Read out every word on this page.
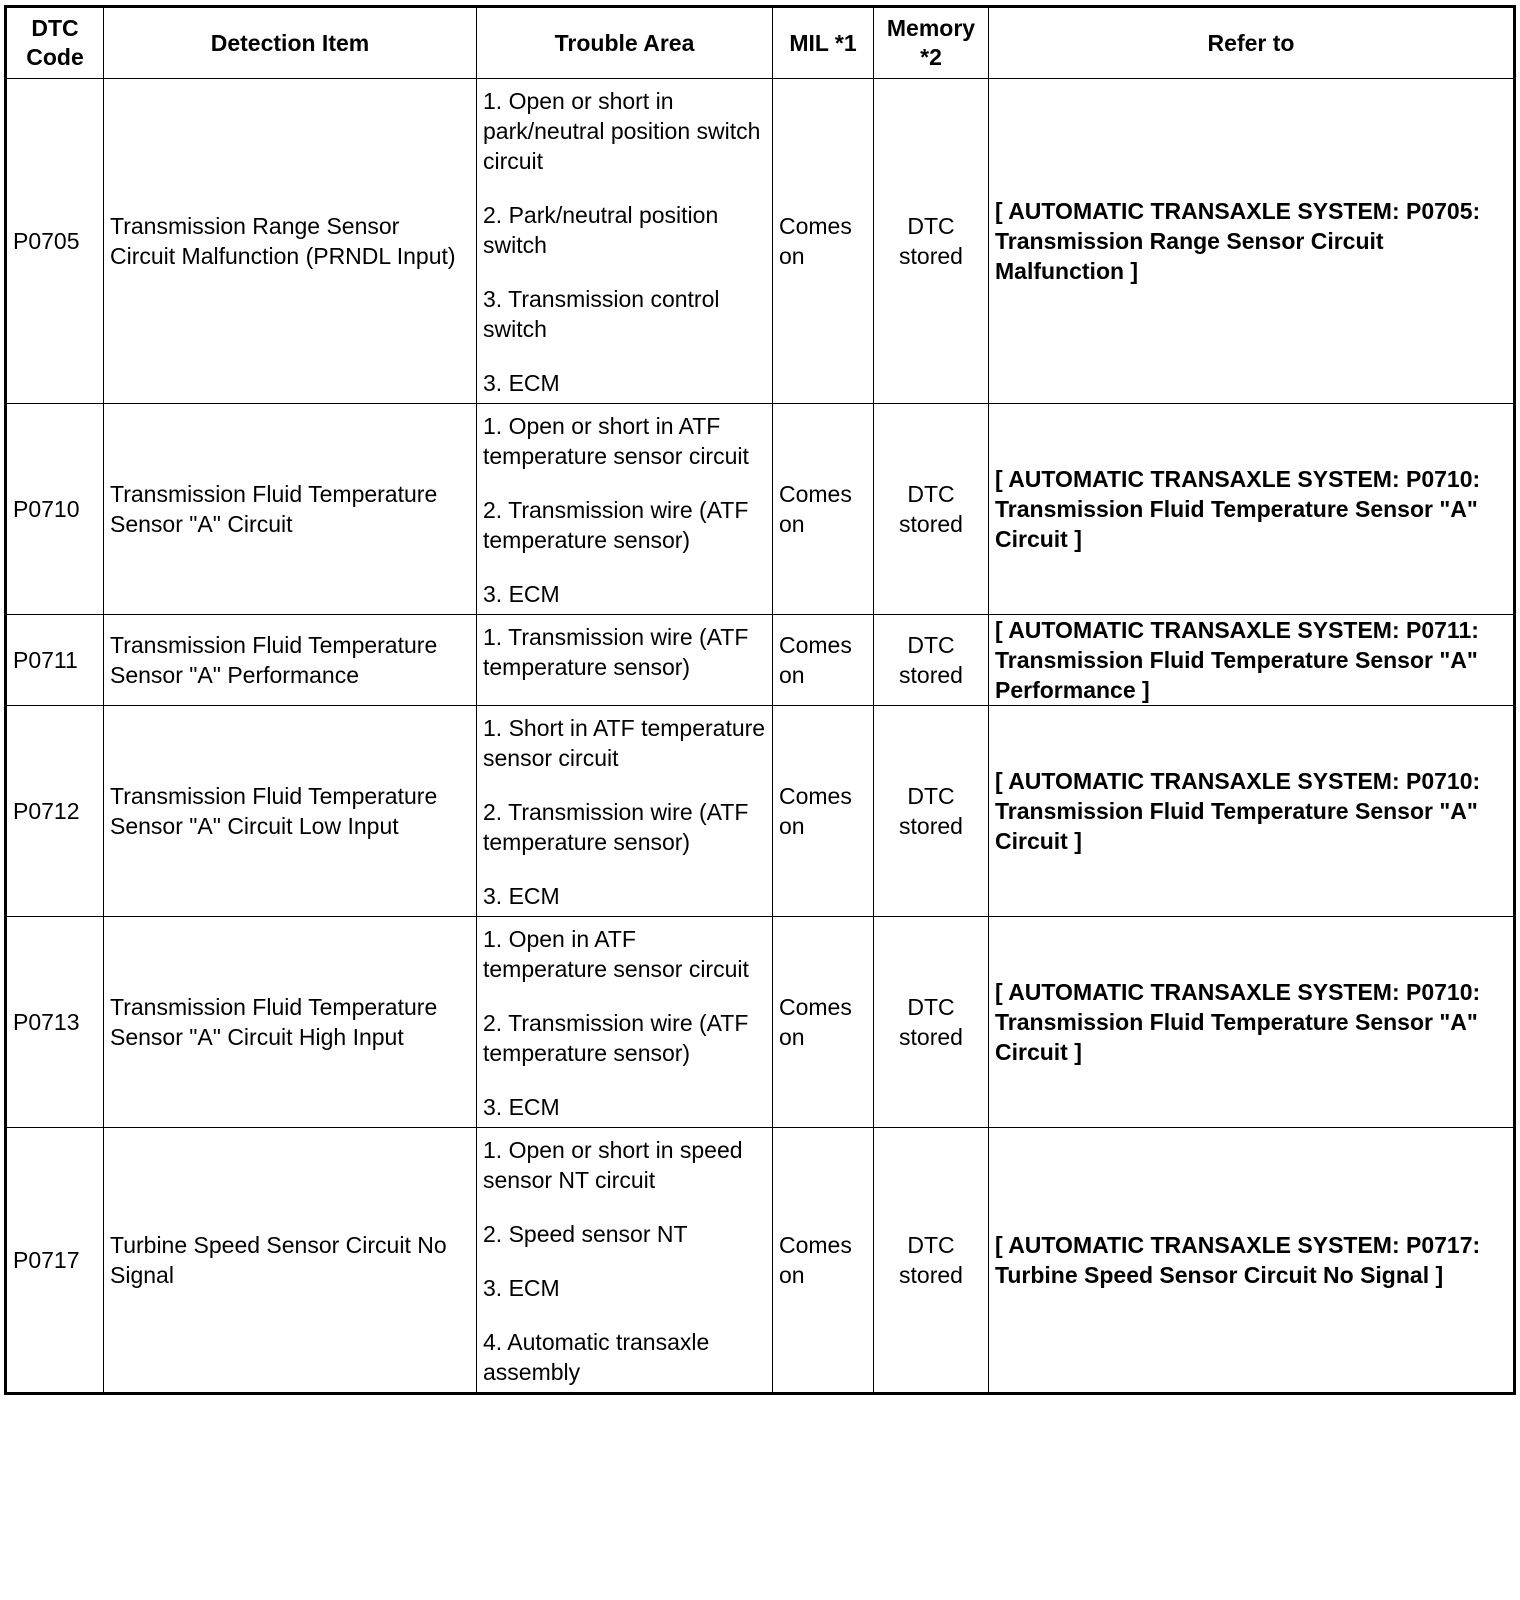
DTC Code	Detection Item	Trouble Area	MIL *1	Memory *2	Refer to
P0705	Transmission Range Sensor Circuit Malfunction (PRNDL Input)	1. Open or short in park/neutral position switch circuit
2. Park/neutral position switch
3. Transmission control switch
3. ECM	Comes on	DTC stored	[ AUTOMATIC TRANSAXLE SYSTEM: P0705: Transmission Range Sensor Circuit Malfunction ]
P0710	Transmission Fluid Temperature Sensor "A" Circuit	1. Open or short in ATF temperature sensor circuit
2. Transmission wire (ATF temperature sensor)
3. ECM	Comes on	DTC stored	[ AUTOMATIC TRANSAXLE SYSTEM: P0710: Transmission Fluid Temperature Sensor "A" Circuit ]
P0711	Transmission Fluid Temperature Sensor "A" Performance	1. Transmission wire (ATF temperature sensor)	Comes on	DTC stored	[ AUTOMATIC TRANSAXLE SYSTEM: P0711: Transmission Fluid Temperature Sensor "A" Performance ]
P0712	Transmission Fluid Temperature Sensor "A" Circuit Low Input	1. Short in ATF temperature sensor circuit
2. Transmission wire (ATF temperature sensor)
3. ECM	Comes on	DTC stored	[ AUTOMATIC TRANSAXLE SYSTEM: P0710: Transmission Fluid Temperature Sensor "A" Circuit ]
P0713	Transmission Fluid Temperature Sensor "A" Circuit High Input	1. Open in ATF temperature sensor circuit
2. Transmission wire (ATF temperature sensor)
3. ECM	Comes on	DTC stored	[ AUTOMATIC TRANSAXLE SYSTEM: P0710: Transmission Fluid Temperature Sensor "A" Circuit ]
P0717	Turbine Speed Sensor Circuit No Signal	1. Open or short in speed sensor NT circuit
2. Speed sensor NT
3. ECM
4. Automatic transaxle assembly	Comes on	DTC stored	[ AUTOMATIC TRANSAXLE SYSTEM: P0717: Turbine Speed Sensor Circuit No Signal ]
